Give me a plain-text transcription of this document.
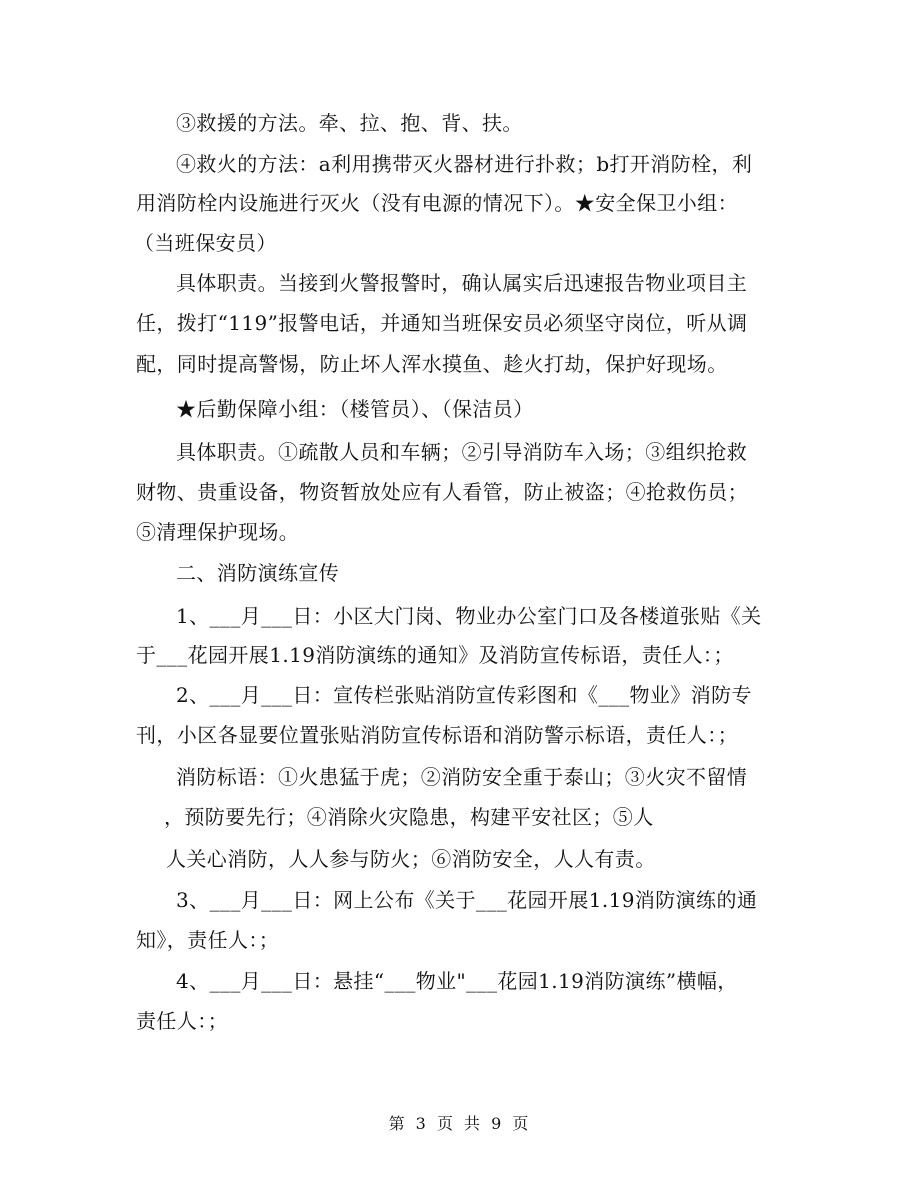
③救援的方法。牵、拉、抱、背、扶。
④救火的方法：a利用携带灭火器材进行扑救；b打开消防栓，利
用消防栓内设施进行灭火（没有电源的情况下）。★安全保卫小组：
（当班保安员）
具体职责。当接到火警报警时，确认属实后迅速报告物业项目主
任，拨打“119”报警电话，并通知当班保安员必须坚守岗位，听从调
配，同时提高警惕，防止坏人浑水摸鱼、趁火打劫，保护好现场。
★后勤保障小组：（楼管员）、（保洁员）
具体职责。①疏散人员和车辆；②引导消防车入场；③组织抢救
财物、贵重设备，物资暂放处应有人看管，防止被盗；④抢救伤员；
⑤清理保护现场。
二、消防演练宣传
1、___月___日：小区大门岗、物业办公室门口及各楼道张贴《关
于___花园开展1.19消防演练的通知》及消防宣传标语，责任人：；
2、___月___日：宣传栏张贴消防宣传彩图和《___物业》消防专
刊，小区各显要位置张贴消防宣传标语和消防警示标语，责任人：；
消防标语：①火患猛于虎；②消防安全重于泰山；③火灾不留情
，预防要先行；④消除火灾隐患，构建平安社区；⑤人
人关心消防，人人参与防火；⑥消防安全，人人有责。
3、___月___日：网上公布《关于___花园开展1.19消防演练的通
知》，责任人：；
4、___月___日：悬挂“___物业"___花园1.19消防演练”横幅，
责任人：；
第 3 页 共 9 页
